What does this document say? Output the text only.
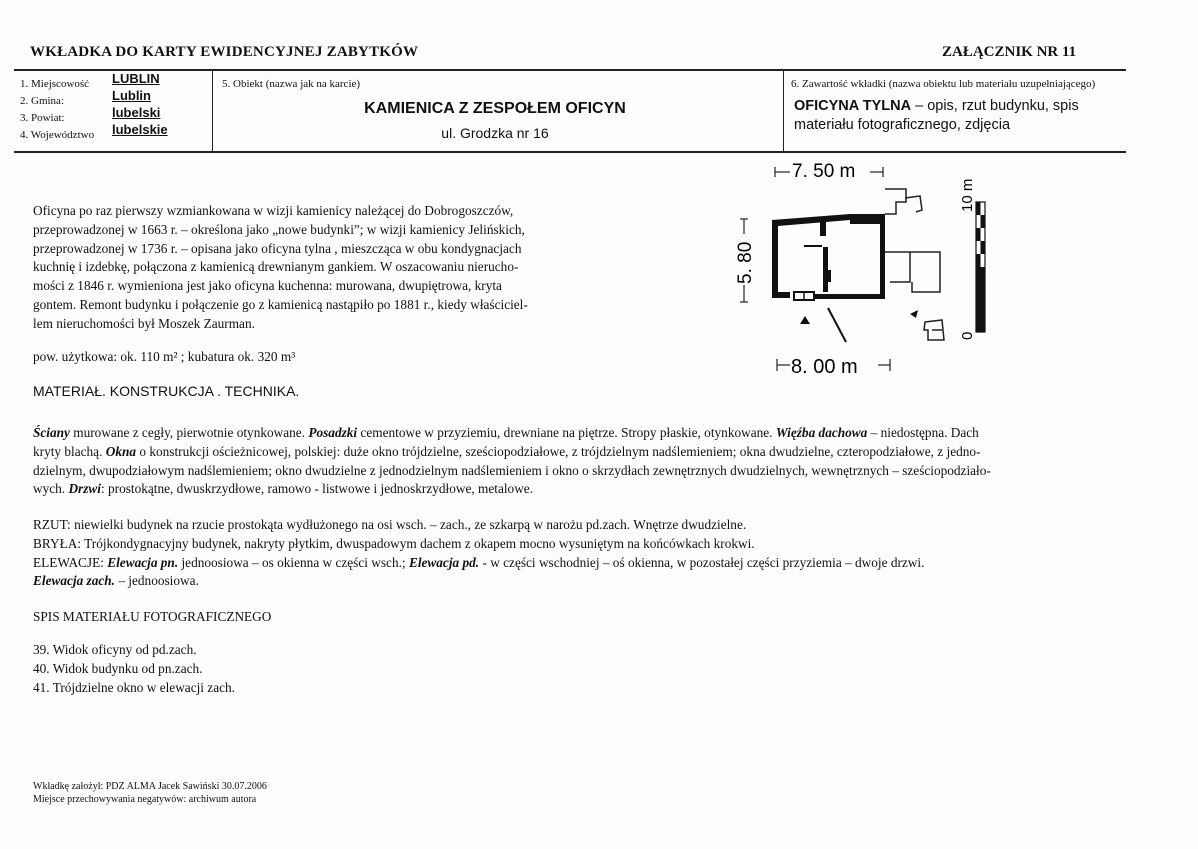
WKŁADKA DO KARTY EWIDENCYJNEJ ZABYTKÓW	ZAŁĄCZNIK NR 11
1. Miejscowość LUBLIN
2. Gmina:	Lublin
3. Powiat:	lubelski
4. Województwo lubelskie
5. Obiekt (nazwa jak na karcie)
KAMIENICA Z ZESPOŁEM OFICYN
ul. Grodzka nr 16
6. Zawartość wkładki (nazwa obiektu lub materiału uzupełniającego)
OFICYNA TYLNA – opis, rzut budynku, spis materiału fotograficznego, zdjęcia
7. 50 m
5. 80
10 m
0
8. 00 m
Oficyna po raz pierwszy wzmiankowana w wizji kamienicy należącej do Dobrogoszczów,
przeprowadzonej w 1663 r. – określona jako „nowe budynki”; w wizji kamienicy Jelińskich,
przeprowadzonej w 1736 r. – opisana jako oficyna tylna , mieszcząca w obu kondygnacjach
kuchnię i izdebkę, połączona z kamienicą drewnianym gankiem. W oszacowaniu nierucho-
mości z 1846 r. wymieniona jest jako oficyna kuchenna: murowana, dwupiętrowa, kryta
gontem. Remont budynku i połączenie go z kamienicą nastąpiło po 1881 r., kiedy właściciel-
lem nieruchomości był Moszek Zaurman.
pow. użytkowa: ok. 110 m² ; kubatura ok. 320 m³
MATERIAŁ. KONSTRUKCJA . TECHNIKA.
Ściany murowane z cegły, pierwotnie otynkowane. Posadzki cementowe w przyziemiu, drewniane na piętrze. Stropy płaskie, otynkowane. Więźba dachowa – niedostępna. Dach
kryty blachą. Okna o konstrukcji ościeżnicowej, polskiej: duże okno trójdzielne, sześciopodziałowe, z trójdzielnym nadślemieniem; okna dwudzielne, czteropodziałowe, z jedno-
dzielnym, dwupodziałowym nadślemieniem; okno dwudzielne z jednodzielnym nadślemieniem i okno o skrzydłach zewnętrznych dwudzielnych, wewnętrznych – sześciopodziało-
wych. Drzwi: prostokątne, dwuskrzydłowe, ramowo - listwowe i jednoskrzydłowe, metalowe.
RZUT: niewielki budynek na rzucie prostokąta wydłużonego na osi wsch. – zach., ze szkarpą w narożu pd.zach. Wnętrze dwudzielne.
BRYŁA: Trójkondygnacyjny budynek, nakryty płytkim, dwuspadowym dachem z okapem mocno wysuniętym na końcówkach krokwi.
ELEWACJE: Elewacja pn. jednoosiowa – os okienna w części wsch.; Elewacja pd. - w części wschodniej – oś okienna, w pozostałej części przyziemia – dwoje drzwi.
Elewacja zach. – jednoosiowa.
SPIS MATERIAŁU FOTOGRAFICZNEGO
39. Widok oficyny od pd.zach.
40. Widok budynku od pn.zach.
41. Trójdzielne okno w elewacji zach.
Wkładkę założył: PDZ ALMA Jacek Sawiński 30.07.2006
Miejsce przechowywania negatywów: archiwum autora
